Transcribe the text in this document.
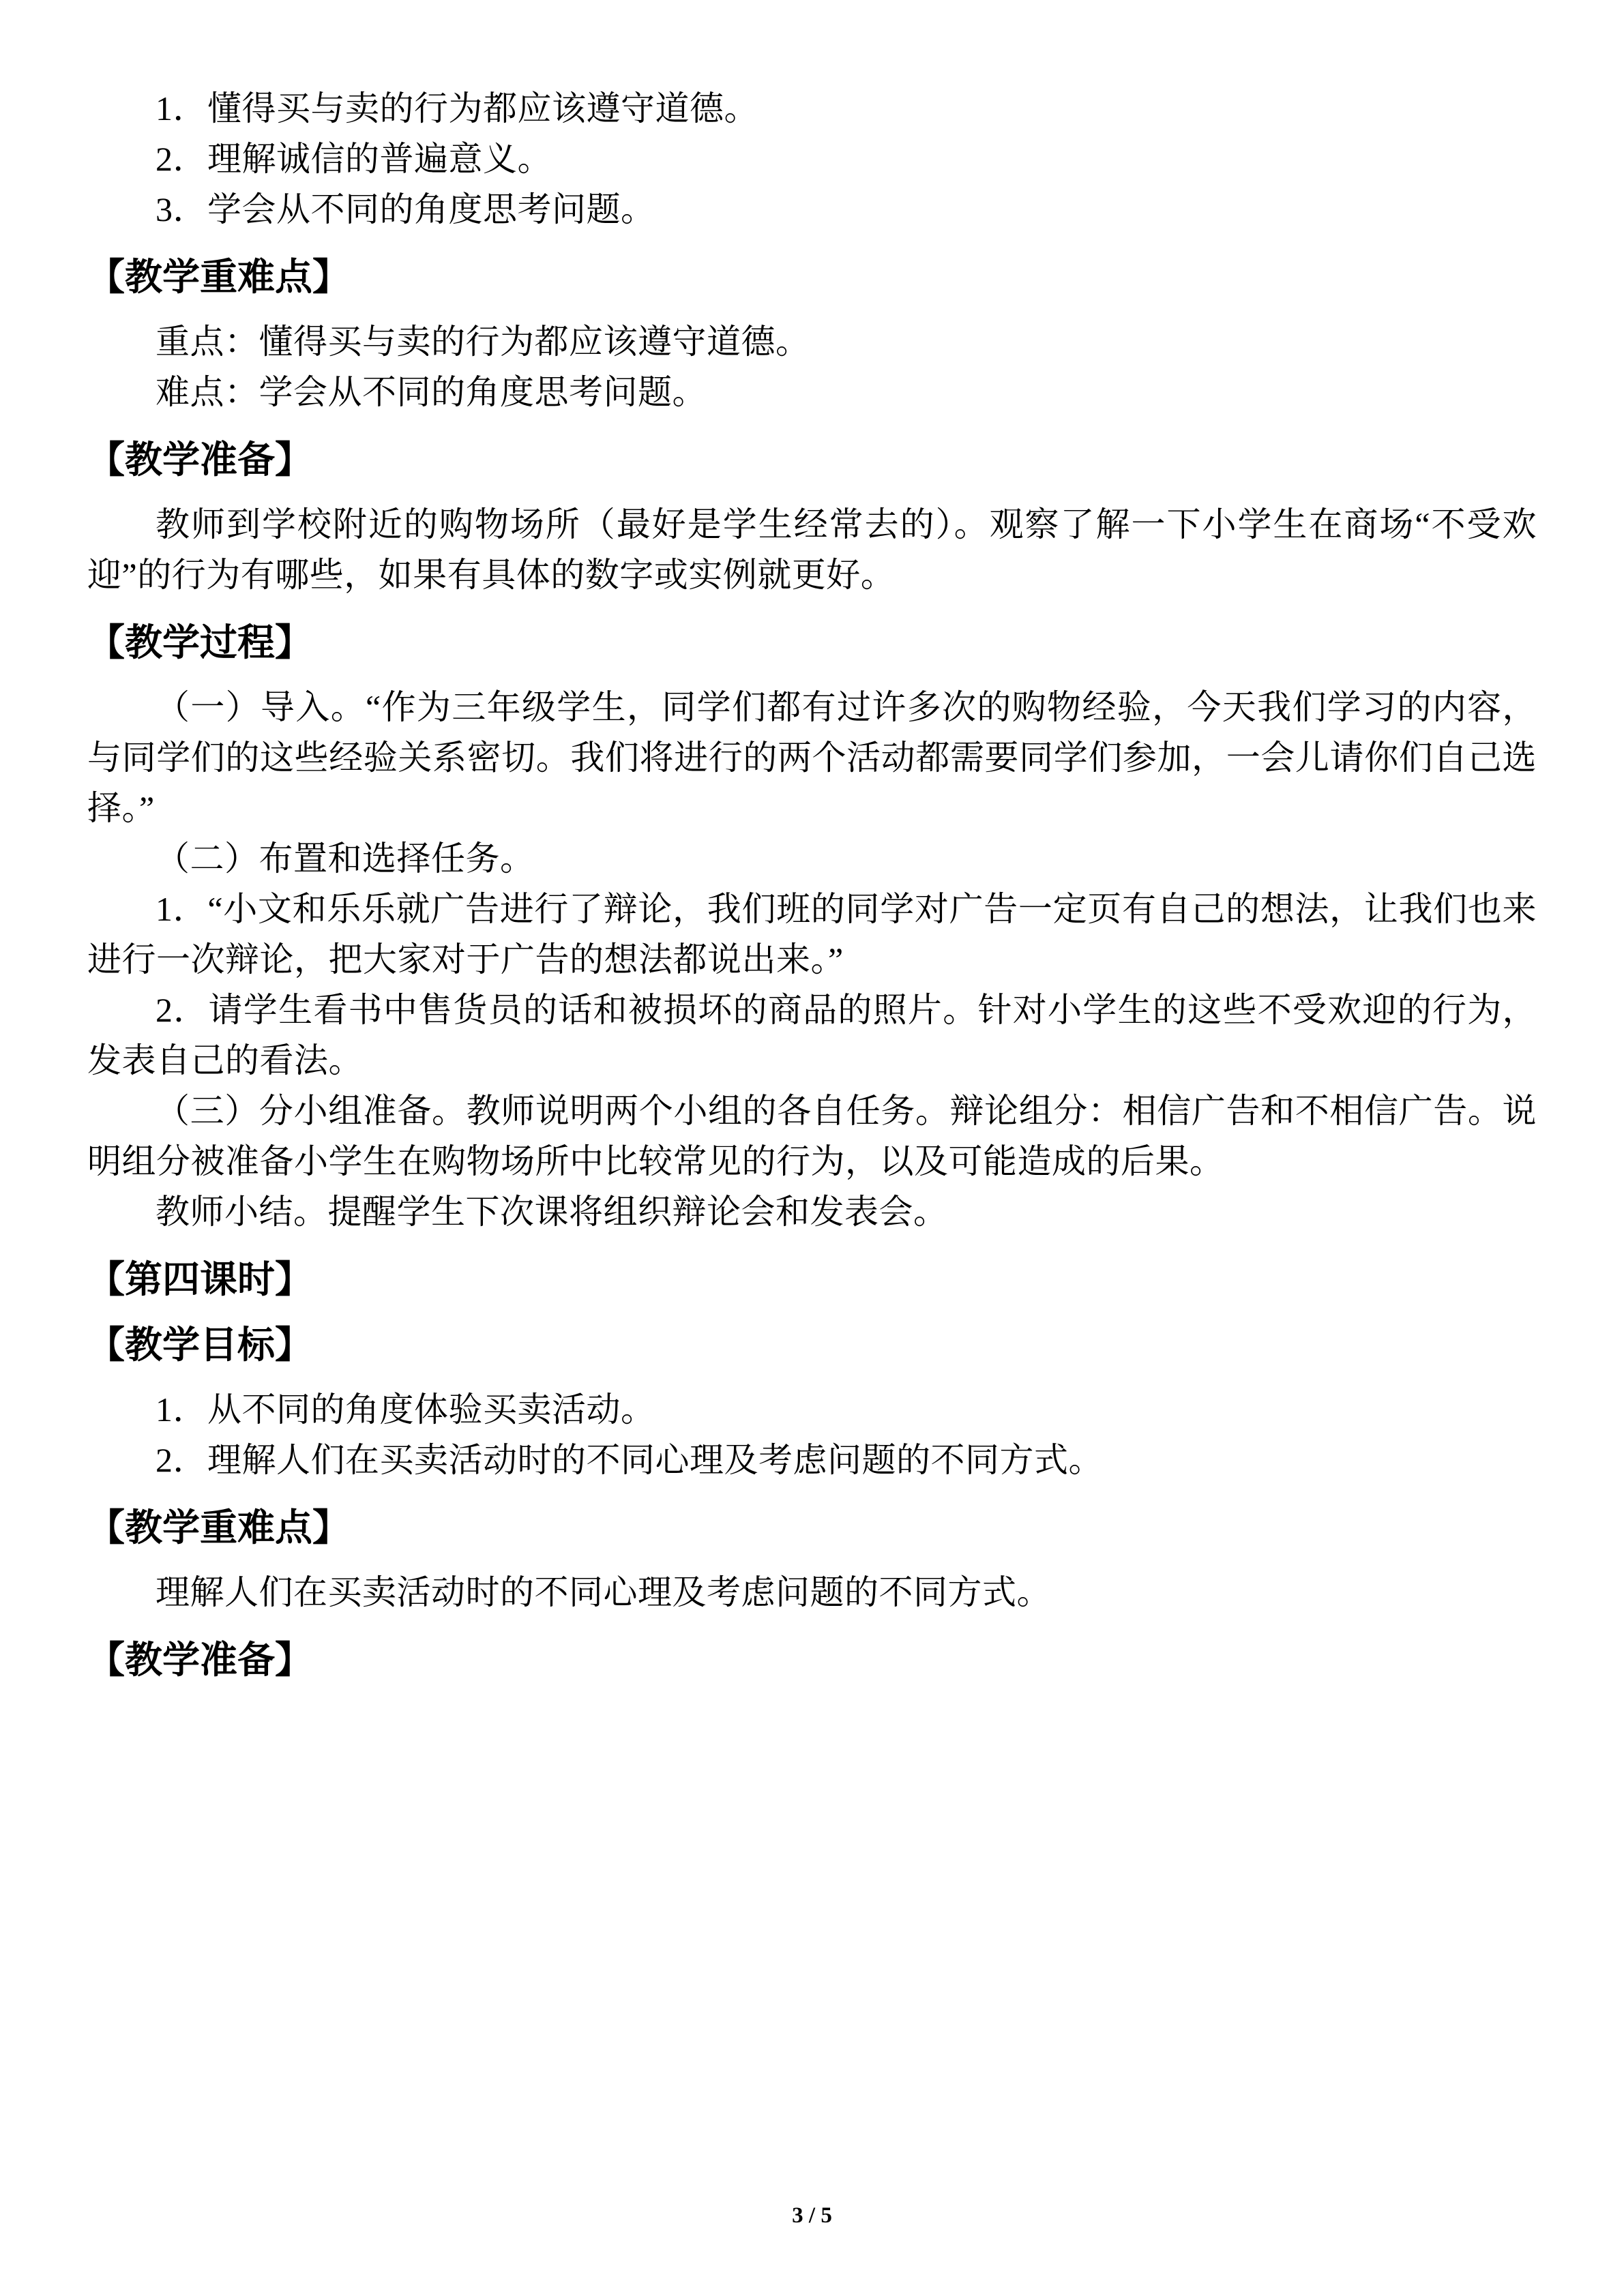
1．懂得买与卖的行为都应该遵守道德。

2．理解诚信的普遍意义。

3．学会从不同的角度思考问题。

【教学重难点】

重点：懂得买与卖的行为都应该遵守道德。

难点：学会从不同的角度思考问题。

【教学准备】

教师到学校附近的购物场所（最好是学生经常去的）。观察了解一下小学生在商场“不受欢迎”的行为有哪些，如果有具体的数字或实例就更好。

【教学过程】

（一）导入。“作为三年级学生，同学们都有过许多次的购物经验，今天我们学习的内容，与同学们的这些经验关系密切。我们将进行的两个活动都需要同学们参加，一会儿请你们自己选择。”

（二）布置和选择任务。

1．“小文和乐乐就广告进行了辩论，我们班的同学对广告一定页有自己的想法，让我们也来进行一次辩论，把大家对于广告的想法都说出来。”

2．请学生看书中售货员的话和被损坏的商品的照片。针对小学生的这些不受欢迎的行为，发表自己的看法。

（三）分小组准备。教师说明两个小组的各自任务。辩论组分：相信广告和不相信广告。说明组分被准备小学生在购物场所中比较常见的行为，以及可能造成的后果。

教师小结。提醒学生下次课将组织辩论会和发表会。

【第四课时】
【教学目标】

1．从不同的角度体验买卖活动。

2．理解人们在买卖活动时的不同心理及考虑问题的不同方式。

【教学重难点】

理解人们在买卖活动时的不同心理及考虑问题的不同方式。

【教学准备】
3 / 5
